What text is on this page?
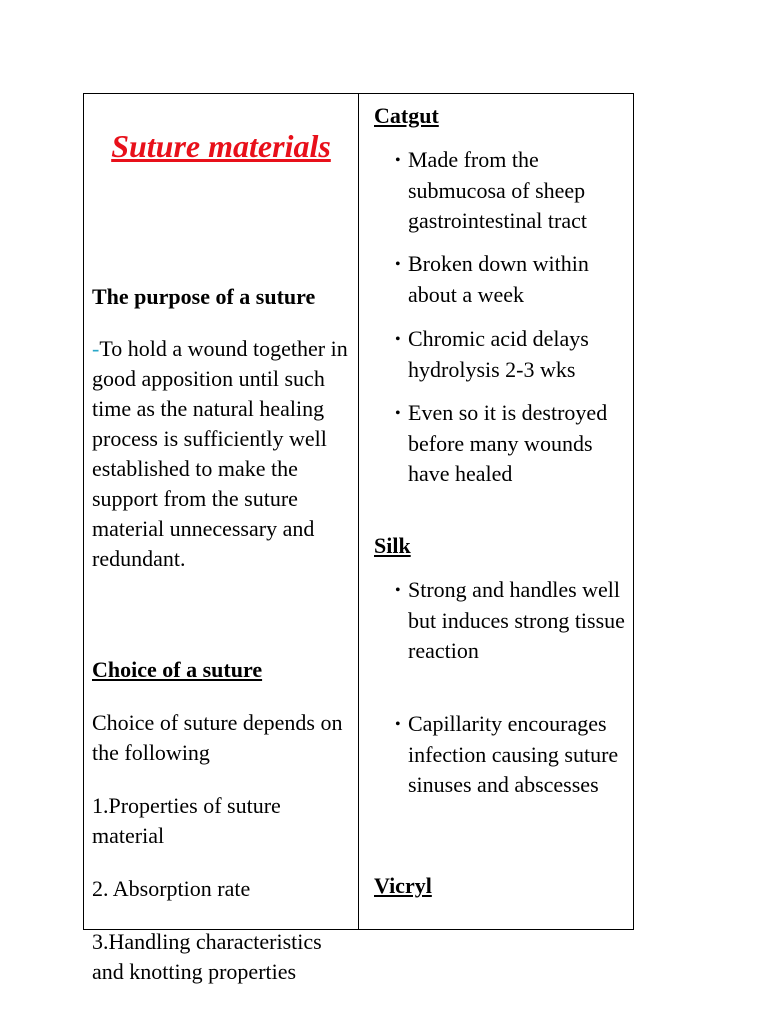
Suture materials

The purpose of a suture

-To hold a wound together in good apposition until such time as the natural healing process is sufficiently well established to make the support from the suture material unnecessary and redundant.

Choice of a suture

Choice of suture depends on the following

1.Properties of suture material

2. Absorption rate

3.Handling characteristics and knotting properties

Catgut

• Made from the submucosa of sheep gastrointestinal tract

• Broken down within about a week

• Chromic acid delays hydrolysis 2-3 wks

• Even so it is destroyed before many wounds have healed

Silk

• Strong and handles well but induces strong tissue reaction

• Capillarity encourages infection causing suture sinuses and abscesses

Vicryl
